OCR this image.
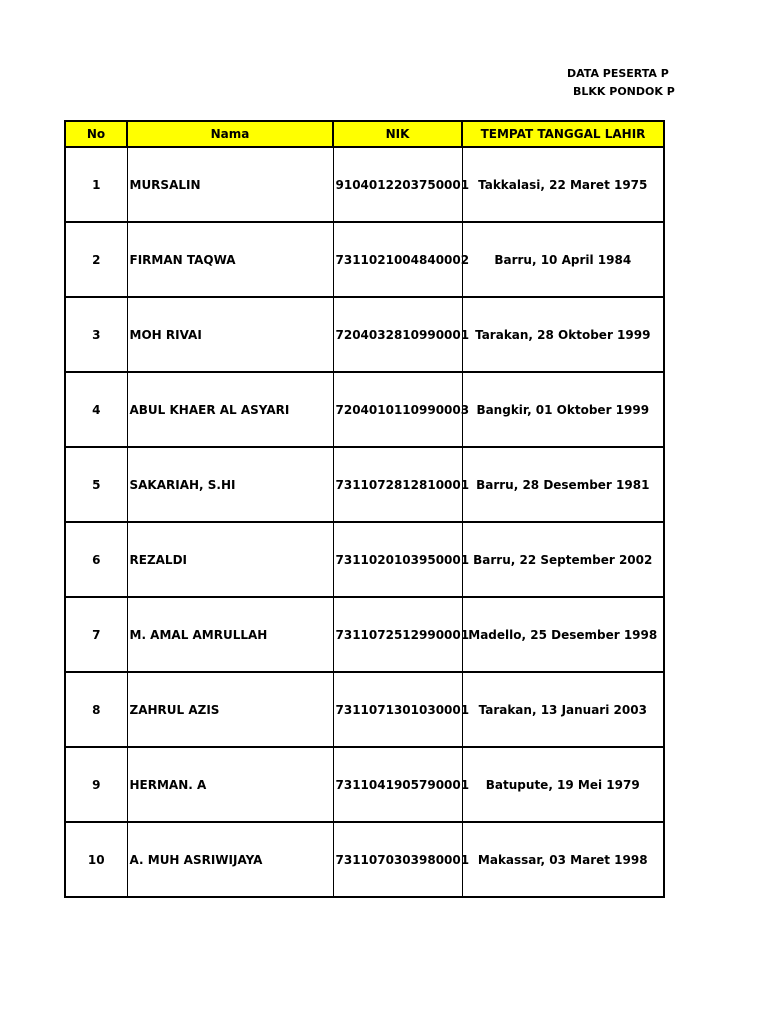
DATA PESERTA P
BLKK PONDOK P
No	Nama	NIK	TEMPAT TANGGAL LAHIR
1	MURSALIN	9104012203750001	Takkalasi, 22 Maret 1975
2	FIRMAN TAQWA	7311021004840002	Barru, 10 April 1984
3	MOH RIVAI	7204032810990001	Tarakan, 28 Oktober 1999
4	ABUL KHAER AL ASYARI	7204010110990003	Bangkir, 01 Oktober 1999
5	SAKARIAH, S.HI	7311072812810001	Barru, 28 Desember 1981
6	REZALDI	7311020103950001	Barru, 22 September 2002
7	M. AMAL AMRULLAH	7311072512990001	Madello, 25 Desember 1998
8	ZAHRUL AZIS	7311071301030001	Tarakan, 13 Januari 2003
9	HERMAN. A	7311041905790001	Batupute, 19 Mei 1979
10	A. MUH ASRIWIJAYA	7311070303980001	Makassar, 03 Maret 1998
